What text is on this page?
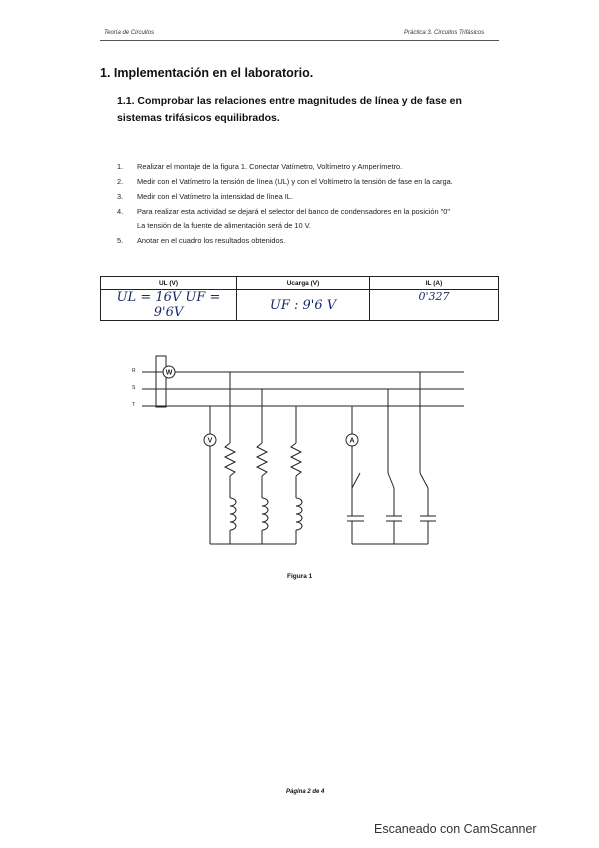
Teoría de Circuitos	Práctica 3. Circuitos Trifásicos
1. Implementación en el laboratorio.
1.1. Comprobar las relaciones entre magnitudes de línea y de fase en sistemas trifásicos equilibrados.
1. Realizar el montaje de la figura 1. Conectar Vatímetro, Voltímetro y Amperímetro.
2. Medir con el Vatímetro la tensión de línea (UL) y con el Voltímetro la tensión de fase en la carga.
3. Medir con el Vatímetro la intensidad de línea IL.
4. Para realizar esta actividad se dejará el selector del banco de condensadores en la posición "0"
La tensión de la fuente de alimentación será de 10 V.
5. Anotar en el cuadro los resultados obtenidos.
UL (V)	Ucarga (V)	IL (A)
UL = 16V UF = 9'6V	UF : 9'6 V	0'327
R
S
T
W
V	A
Figura 1
Página 2 de 4
Escaneado con CamScanner
